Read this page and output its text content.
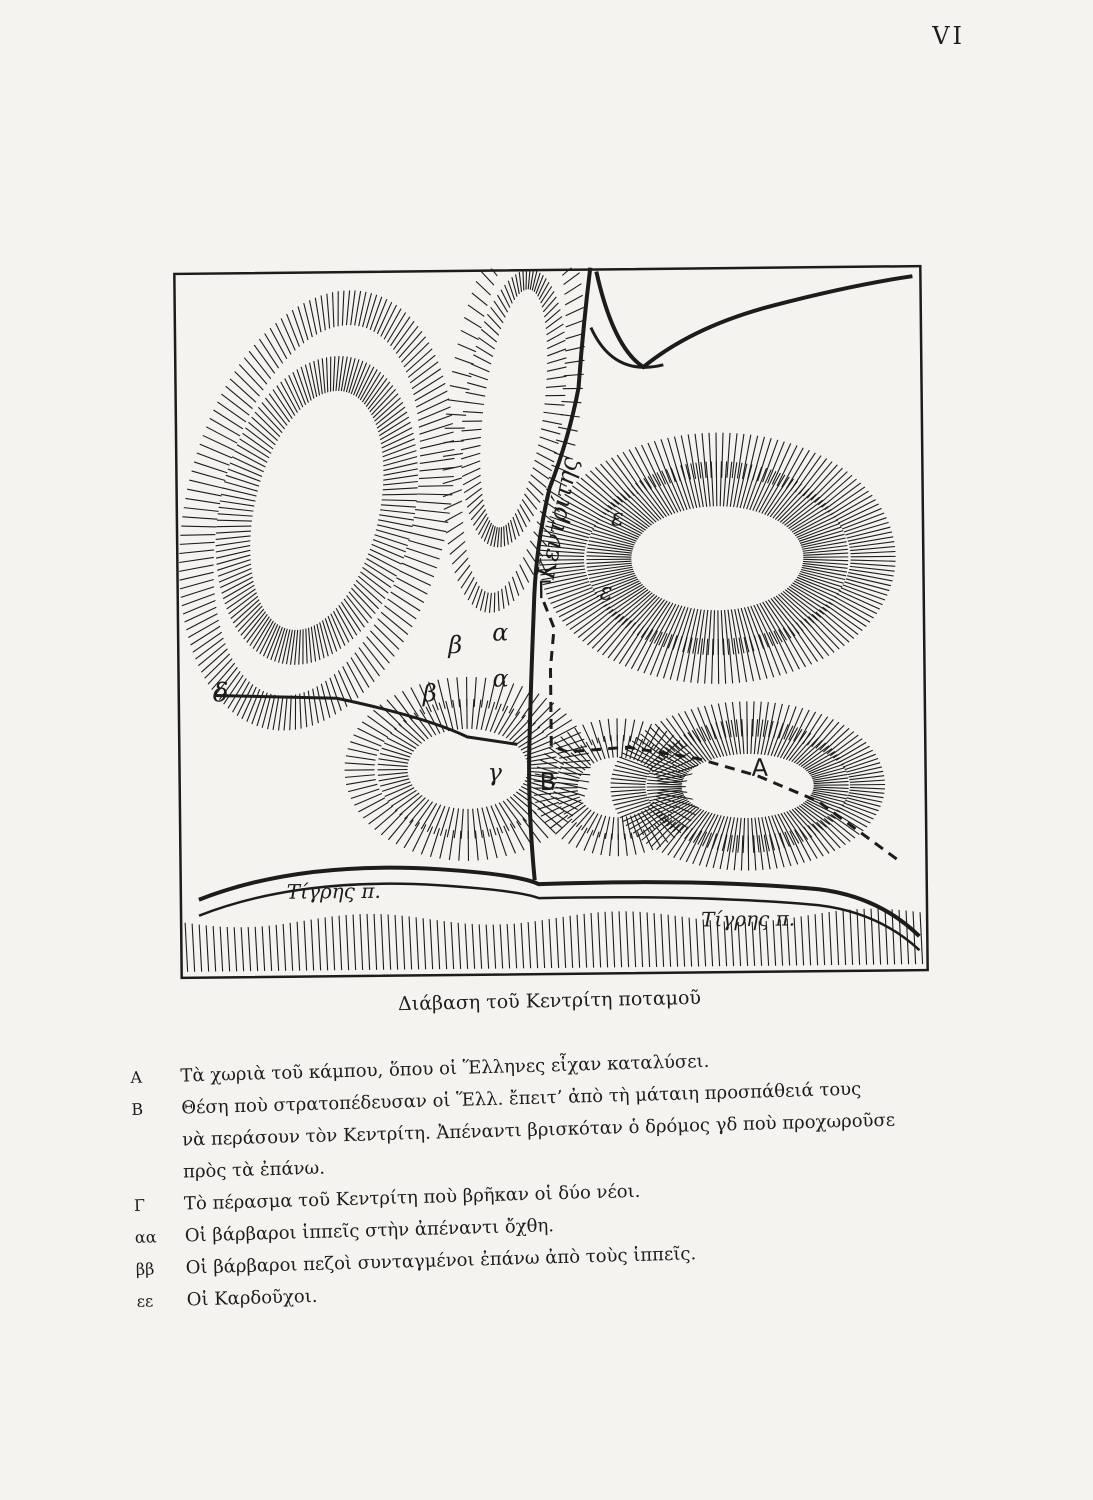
VI
Κεντρίτης
Τίγρης π.
Τίγρης π.
A
B
Γ
α
α
β
β
γ
δ
ε
ε
Διάβαση τοῦ Κεντρίτη ποταμοῦ
Α	Τὰ χωριὰ τοῦ κάμπου, ὅπου οἱ Ἕλληνες εἶχαν καταλύσει.
Β	Θέση ποὺ στρατοπέδευσαν οἱ Ἕλλ. ἔπειτ’ ἀπὸ τὴ μάταιη προσπάθειά τους
νὰ περάσουν τὸν Κεντρίτη. Ἀπέναντι βρισκόταν ὁ δρόμος γδ ποὺ προχωροῦσε
πρὸς τὰ ἐπάνω.
Γ	Τὸ πέρασμα τοῦ Κεντρίτη ποὺ βρῆκαν οἱ δύο νέοι.
αα	Οἱ βάρβαροι ἱππεῖς στὴν ἀπέναντι ὄχθη.
ββ	Οἱ βάρβαροι πεζοὶ συνταγμένοι ἐπάνω ἀπὸ τοὺς ἱππεῖς.
εε	Οἱ Καρδοῦχοι.
